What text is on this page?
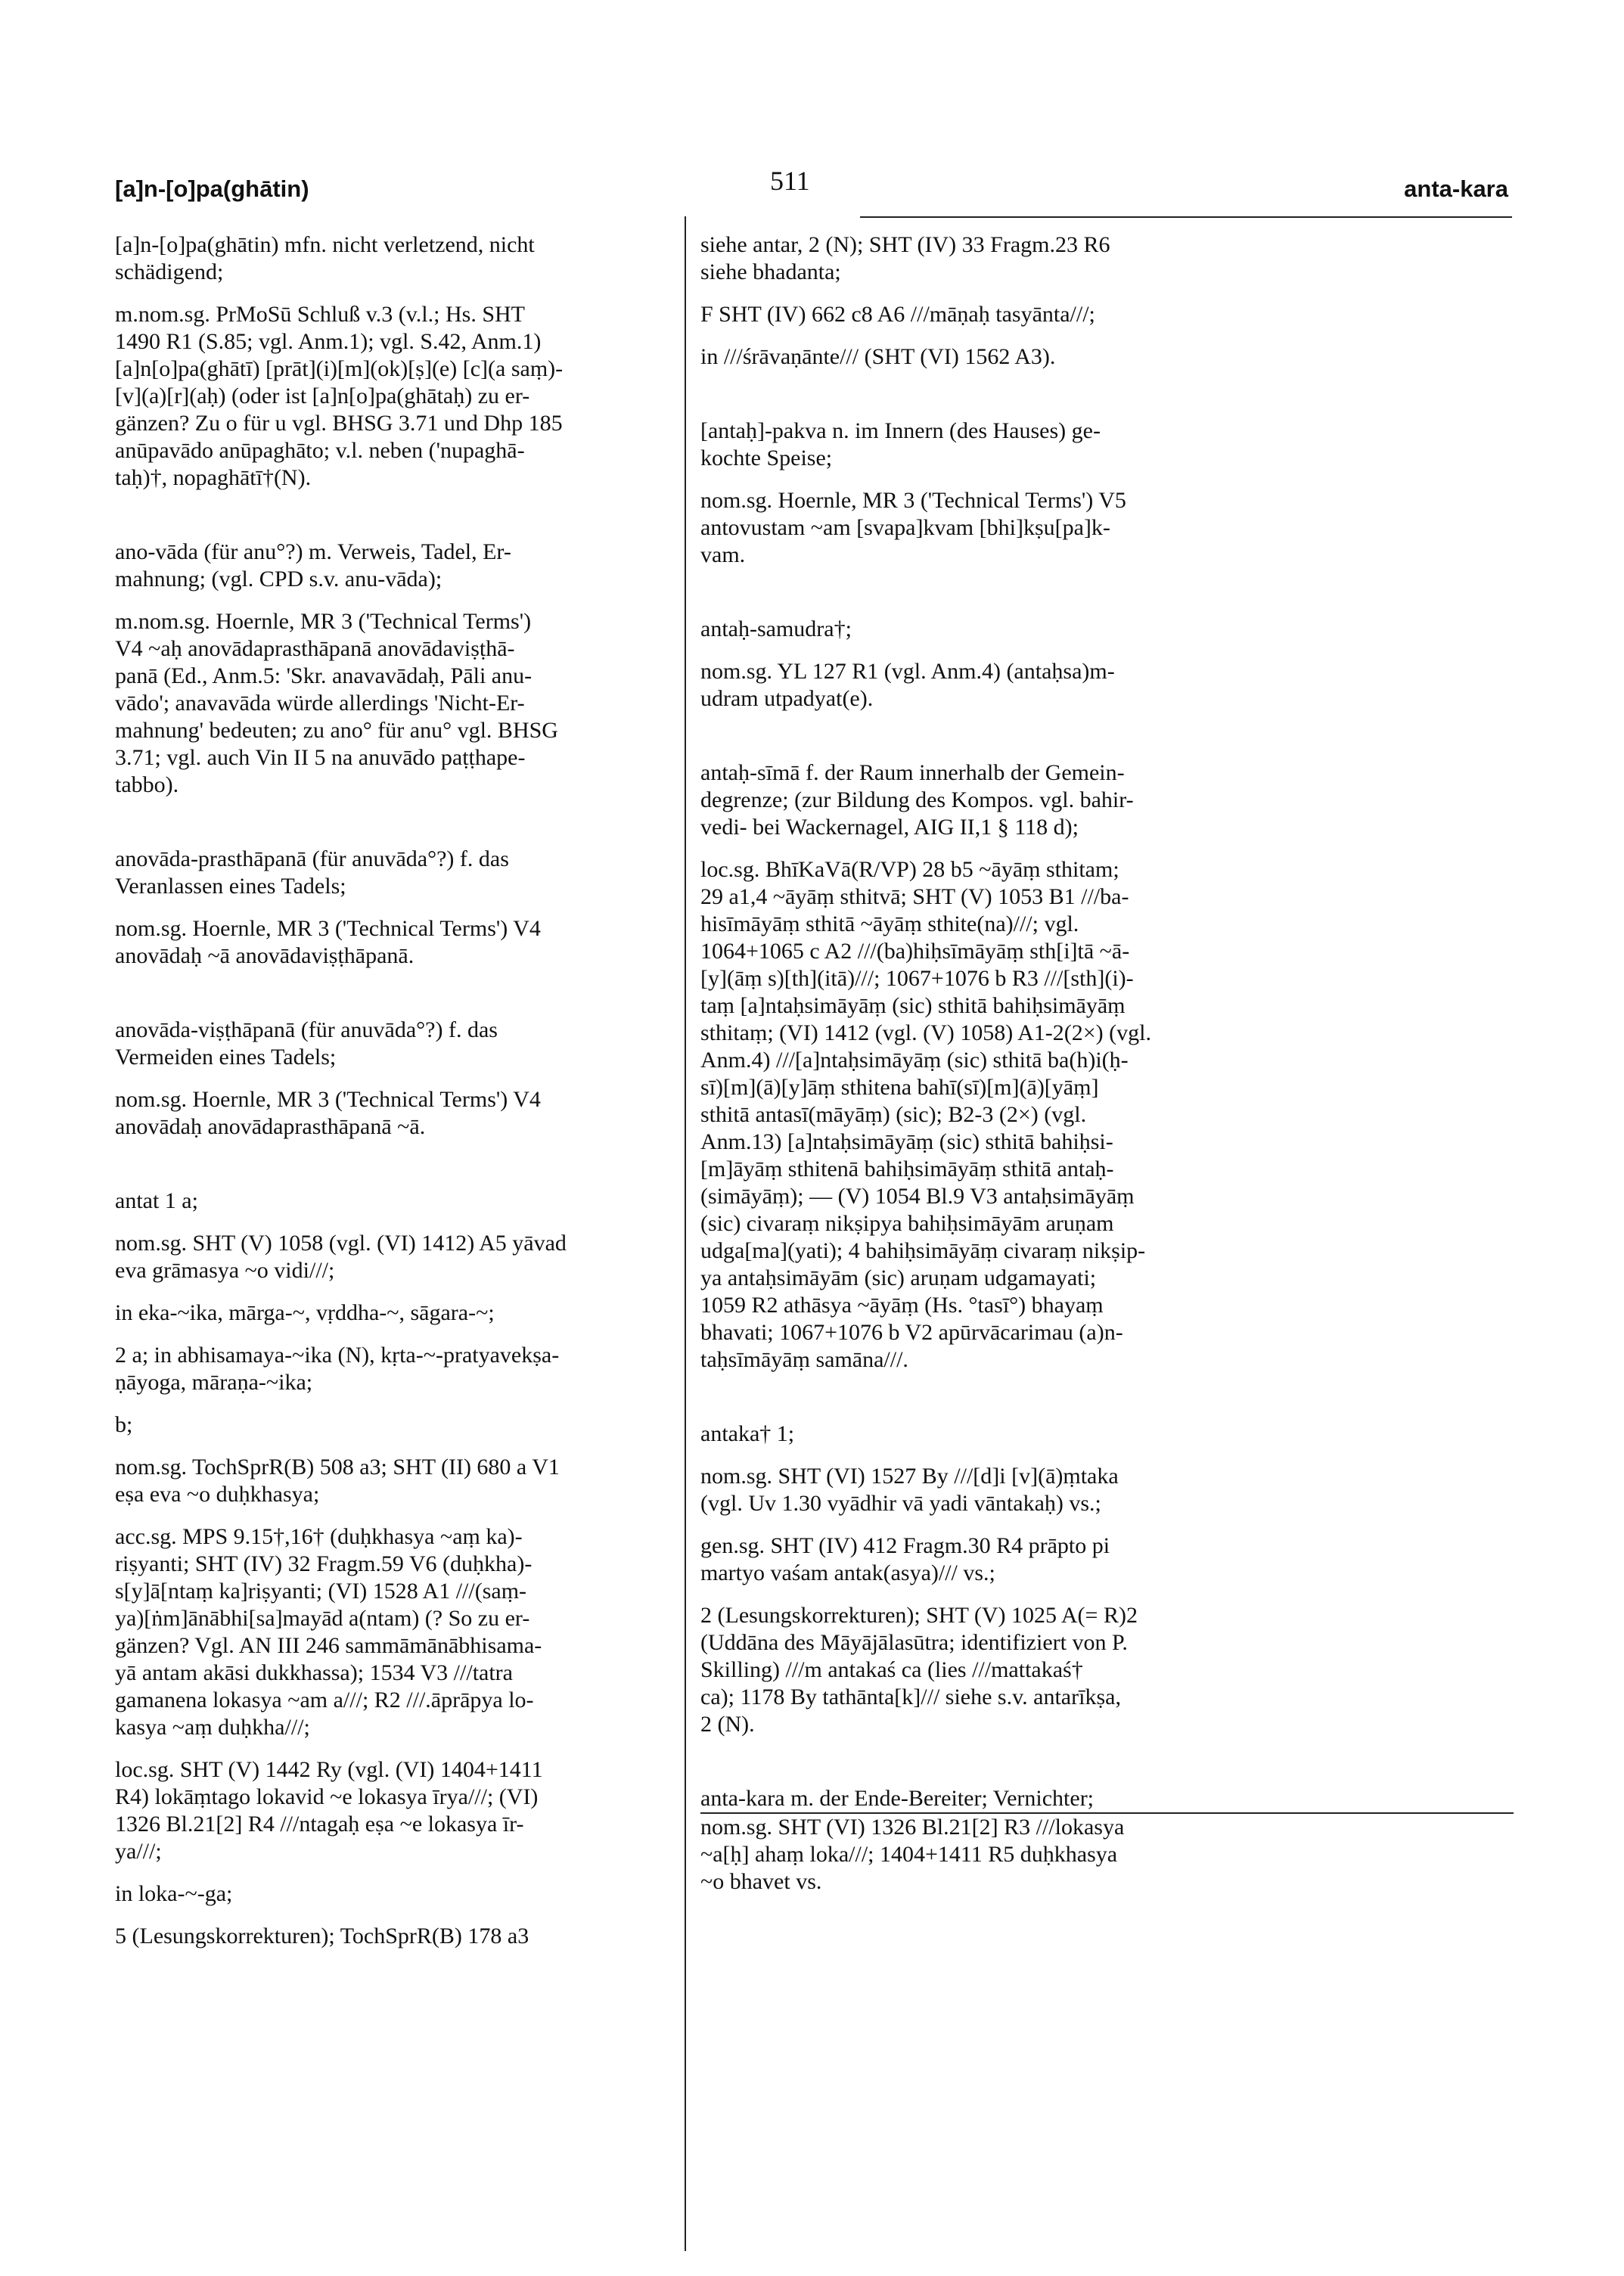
[a]n-[o]pa(ghātin)	511	anta-kara
[a]n-[o]pa(ghātin) mfn. nicht verletzend, nicht
schädigend;
m.nom.sg. PrMoSū Schluß v.3 (v.l.; Hs. SHT
1490 R1 (S.85; vgl. Anm.1); vgl. S.42, Anm.1)
[a]n[o]pa(ghātī) [prāt](i)[m](ok)[ṣ](e) [c](a saṃ)-
[v](a)[r](aḥ) (oder ist [a]n[o]pa(ghātaḥ) zu er-
gänzen? Zu o für u vgl. BHSG 3.71 und Dhp 185
anūpavādo anūpaghāto; v.l. neben ('nupaghā-
taḥ)†, nopaghātī†(N).
ano-vāda (für anu°?) m. Verweis, Tadel, Er-
mahnung; (vgl. CPD s.v. anu-vāda);
m.nom.sg. Hoernle, MR 3 ('Technical Terms')
V4 ~aḥ anovādaprasthāpanā anovādaviṣṭhā-
panā (Ed., Anm.5: 'Skr. anavavādaḥ, Pāli anu-
vādo'; anavavāda würde allerdings 'Nicht-Er-
mahnung' bedeuten; zu ano° für anu° vgl. BHSG
3.71; vgl. auch Vin II 5 na anuvādo paṭṭhape-
tabbo).
anovāda-prasthāpanā (für anuvāda°?) f. das
Veranlassen eines Tadels;
nom.sg. Hoernle, MR 3 ('Technical Terms') V4
anovādaḥ ~ā anovādaviṣṭhāpanā.
anovāda-viṣṭhāpanā (für anuvāda°?) f. das
Vermeiden eines Tadels;
nom.sg. Hoernle, MR 3 ('Technical Terms') V4
anovādaḥ anovādaprasthāpanā ~ā.
antat 1 a;
nom.sg. SHT (V) 1058 (vgl. (VI) 1412) A5 yāvad
eva grāmasya ~o vidi///;
in eka-~ika, mārga-~, vṛddha-~, sāgara-~;
2 a; in abhisamaya-~ika (N), kṛta-~-pratyavekṣa-
ṇāyoga, māraṇa-~ika;
b;
nom.sg. TochSprR(B) 508 a3; SHT (II) 680 a V1
eṣa eva ~o duḥkhasya;
acc.sg. MPS 9.15†,16† (duḥkhasya ~aṃ ka)-
riṣyanti; SHT (IV) 32 Fragm.59 V6 (duḥkha)-
s[y]ā[ntaṃ ka]riṣyanti; (VI) 1528 A1 ///(saṃ-
ya)[ṅm]ānābhi[sa]mayād a(ntam) (? So zu er-
gänzen? Vgl. AN III 246 sammāmānābhisama-
yā antam akāsi dukkhassa); 1534 V3 ///tatra
gamanena lokasya ~am a///; R2 ///.āprāpya lo-
kasya ~aṃ duḥkha///;
loc.sg. SHT (V) 1442 Ry (vgl. (VI) 1404+1411
R4) lokāṃtago lokavid ~e lokasya īrya///; (VI)
1326 Bl.21[2] R4 ///ntagaḥ eṣa ~e lokasya īr-
ya///;
in loka-~-ga;
5 (Lesungskorrekturen); TochSprR(B) 178 a3
siehe antar, 2 (N); SHT (IV) 33 Fragm.23 R6
siehe bhadanta;
F SHT (IV) 662 c8 A6 ///māṇaḥ tasyānta///;
in ///śrāvaṇānte/// (SHT (VI) 1562 A3).
[antaḥ]-pakva n. im Innern (des Hauses) ge-
kochte Speise;
nom.sg. Hoernle, MR 3 ('Technical Terms') V5
antovustam ~am [svapa]kvam [bhi]kṣu[pa]k-
vam.
antaḥ-samudra†;
nom.sg. YL 127 R1 (vgl. Anm.4) (antaḥsa)m-
udram utpadyat(e).
antaḥ-sīmā f. der Raum innerhalb der Gemein-
degrenze; (zur Bildung des Kompos. vgl. bahir-
vedi- bei Wackernagel, AIG II,1 § 118 d);
loc.sg. BhīKaVā(R/VP) 28 b5 ~āyāṃ sthitam;
29 a1,4 ~āyāṃ sthitvā; SHT (V) 1053 B1 ///ba-
hisīmāyāṃ sthitā ~āyāṃ sthite(na)///; vgl.
1064+1065 c A2 ///(ba)hiḥsīmāyāṃ sth[i]tā ~ā-
[y](āṃ s)[th](itā)///; 1067+1076 b R3 ///[sth](i)-
taṃ [a]ntaḥsimāyāṃ (sic) sthitā bahiḥsimāyāṃ
sthitaṃ; (VI) 1412 (vgl. (V) 1058) A1-2(2×) (vgl.
Anm.4) ///[a]ntaḥsimāyāṃ (sic) sthitā ba(h)i(ḥ-
sī)[m](ā)[y]āṃ sthitena bahī(sī)[m](ā)[yāṃ]
sthitā antasī(māyāṃ) (sic); B2-3 (2×) (vgl.
Anm.13) [a]ntaḥsimāyāṃ (sic) sthitā bahiḥsi-
[m]āyāṃ sthitenā bahiḥsimāyāṃ sthitā antaḥ-
(simāyāṃ); — (V) 1054 Bl.9 V3 antaḥsimāyāṃ
(sic) civaraṃ nikṣipya bahiḥsimāyām aruṇam
udga[ma](yati); 4 bahiḥsimāyāṃ civaraṃ nikṣip-
ya antaḥsimāyām (sic) aruṇam udgamayati;
1059 R2 athāsya ~āyāṃ (Hs. °tasī°) bhayaṃ
bhavati; 1067+1076 b V2 apūrvācarimau (a)n-
taḥsīmāyāṃ samāna///.
antaka† 1;
nom.sg. SHT (VI) 1527 By ///[d]i [v](ā)ṃtaka
(vgl. Uv 1.30 vyādhir vā yadi vāntakaḥ) vs.;
gen.sg. SHT (IV) 412 Fragm.30 R4 prāpto pi
martyo vaśam antak(asya)/// vs.;
2 (Lesungskorrekturen); SHT (V) 1025 A(= R)2
(Uddāna des Māyājālasūtra; identifiziert von P.
Skilling) ///m antakaś ca (lies ///mattakaś†
ca); 1178 By tathānta[k]/// siehe s.v. antarīkṣa,
2 (N).
anta-kara m. der Ende-Bereiter; Vernichter;
nom.sg. SHT (VI) 1326 Bl.21[2] R3 ///lokasya
~a[ḥ] ahaṃ loka///; 1404+1411 R5 duḥkhasya
~o bhavet vs.
